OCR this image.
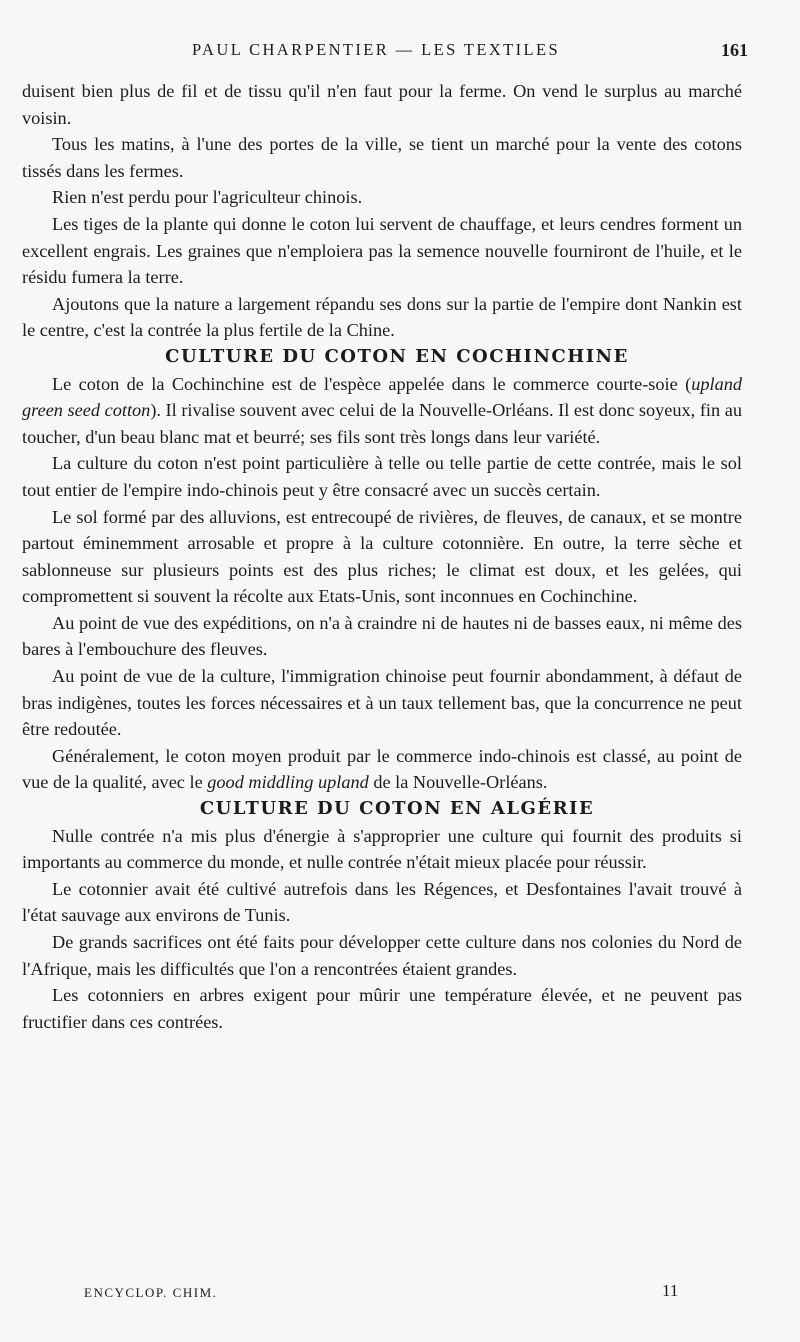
PAUL CHARPENTIER — LES TEXTILES	161

duisent bien plus de fil et de tissu qu'il n'en faut pour la ferme. On vend le surplus au marché voisin.

Tous les matins, à l'une des portes de la ville, se tient un marché pour la vente des cotons tissés dans les fermes.

Rien n'est perdu pour l'agriculteur chinois.

Les tiges de la plante qui donne le coton lui servent de chauffage, et leurs cendres forment un excellent engrais. Les graines que n'emploiera pas la semence nouvelle fourniront de l'huile, et le résidu fumera la terre.

Ajoutons que la nature a largement répandu ses dons sur la partie de l'empire dont Nankin est le centre, c'est la contrée la plus fertile de la Chine.

CULTURE DU COTON EN COCHINCHINE

Le coton de la Cochinchine est de l'espèce appelée dans le commerce courte-soie (upland green seed cotton). Il rivalise souvent avec celui de la Nouvelle-Orléans. Il est donc soyeux, fin au toucher, d'un beau blanc mat et beurré; ses fils sont très longs dans leur variété.

La culture du coton n'est point particulière à telle ou telle partie de cette contrée, mais le sol tout entier de l'empire indo-chinois peut y être consacré avec un succès certain.

Le sol formé par des alluvions, est entrecoupé de rivières, de fleuves, de canaux, et se montre partout éminemment arrosable et propre à la culture cotonnière. En outre, la terre sèche et sablonneuse sur plusieurs points est des plus riches; le climat est doux, et les gelées, qui compromettent si souvent la récolte aux Etats-Unis, sont inconnues en Cochinchine.

Au point de vue des expéditions, on n'a à craindre ni de hautes ni de basses eaux, ni même des bares à l'embouchure des fleuves.

Au point de vue de la culture, l'immigration chinoise peut fournir abondamment, à défaut de bras indigènes, toutes les forces nécessaires et à un taux tellement bas, que la concurrence ne peut être redoutée.

Généralement, le coton moyen produit par le commerce indo-chinois est classé, au point de vue de la qualité, avec le good middling upland de la Nouvelle-Orléans.

CULTURE DU COTON EN ALGÉRIE

Nulle contrée n'a mis plus d'énergie à s'approprier une culture qui fournit des produits si importants au commerce du monde, et nulle contrée n'était mieux placée pour réussir.

Le cotonnier avait été cultivé autrefois dans les Régences, et Desfontaines l'avait trouvé à l'état sauvage aux environs de Tunis.

De grands sacrifices ont été faits pour développer cette culture dans nos colonies du Nord de l'Afrique, mais les difficultés que l'on a rencontrées étaient grandes.

Les cotonniers en arbres exigent pour mûrir une température élevée, et ne peuvent pas fructifier dans ces contrées.

ENCYCLOP. CHIM.	11
